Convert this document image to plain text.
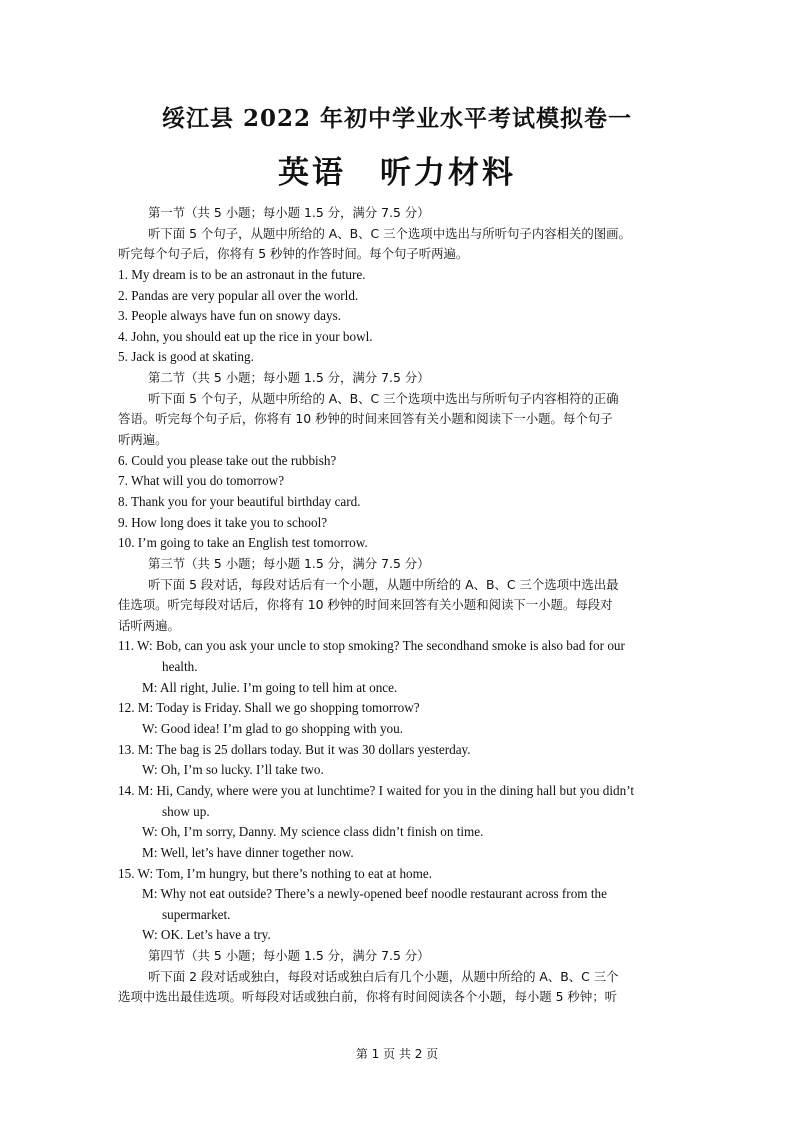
绥江县 2022 年初中学业水平考试模拟卷一
英语　听力材料
第一节（共 5 小题；每小题 1.5 分，满分 7.5 分）
听下面 5 个句子，从题中所给的 A、B、C 三个选项中选出与所听句子内容相关的图画。
听完每个句子后，你将有 5 秒钟的作答时间。每个句子听两遍。
1. My dream is to be an astronaut in the future.
2. Pandas are very popular all over the world.
3. People always have fun on snowy days.
4. John, you should eat up the rice in your bowl.
5. Jack is good at skating.
第二节（共 5 小题；每小题 1.5 分，满分 7.5 分）
听下面 5 个句子，从题中所给的 A、B、C 三个选项中选出与所听句子内容相符的正确
答语。听完每个句子后，你将有 10 秒钟的时间来回答有关小题和阅读下一小题。每个句子
听两遍。
6. Could you please take out the rubbish?
7. What will you do tomorrow?
8. Thank you for your beautiful birthday card.
9. How long does it take you to school?
10. I’m going to take an English test tomorrow.
第三节（共 5 小题；每小题 1.5 分，满分 7.5 分）
听下面 5 段对话，每段对话后有一个小题，从题中所给的 A、B、C 三个选项中选出最
佳选项。听完每段对话后，你将有 10 秒钟的时间来回答有关小题和阅读下一小题。每段对
话听两遍。
11. W: Bob, can you ask your uncle to stop smoking? The secondhand smoke is also bad for our
health.
M: All right, Julie. I’m going to tell him at once.
12. M: Today is Friday. Shall we go shopping tomorrow?
W: Good idea! I’m glad to go shopping with you.
13. M: The bag is 25 dollars today. But it was 30 dollars yesterday.
W: Oh, I’m so lucky. I’ll take two.
14. M: Hi, Candy, where were you at lunchtime? I waited for you in the dining hall but you didn’t
show up.
W: Oh, I’m sorry, Danny. My science class didn’t finish on time.
M: Well, let’s have dinner together now.
15. W: Tom, I’m hungry, but there’s nothing to eat at home.
M: Why not eat outside? There’s a newly-opened beef noodle restaurant across from the
supermarket.
W: OK. Let’s have a try.
第四节（共 5 小题；每小题 1.5 分，满分 7.5 分）
听下面 2 段对话或独白，每段对话或独白后有几个小题，从题中所给的 A、B、C 三个
选项中选出最佳选项。听每段对话或独白前，你将有时间阅读各个小题，每小题 5 秒钟；听
第 1 页 共 2 页
